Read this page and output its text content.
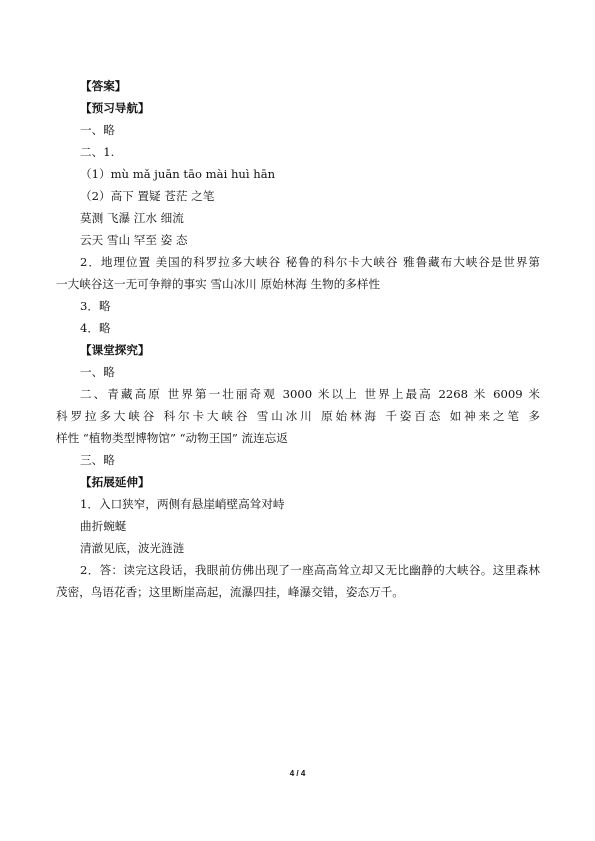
【答案】
【预习导航】
一、略
二、1.
（1）mù mǎ juān tāo mài huì hān
（2）高下 置疑 苍茫 之笔
莫测 飞瀑 江水 细流
云天 雪山 罕至 姿 态
2．地理位置 美国的科罗拉多大峡谷 秘鲁的科尔卡大峡谷 雅鲁藏布大峡谷是世界第
一大峡谷这一无可争辩的事实 雪山冰川 原始林海 生物的多样性
3．略
4．略
【课堂探究】
一、略
二、青藏高原 世界第一壮丽奇观 3000 米以上 世界上最高 2268 米 6009 米
科罗拉多大峡谷 科尔卡大峡谷 雪山冰川 原始林海 千姿百态 如神来之笔 多
样性 “植物类型博物馆” “动物王国” 流连忘返
三、略
【拓展延伸】
1．入口狭窄，两侧有悬崖峭壁高耸对峙
曲折蜿蜒
清澈见底，波光涟涟
2．答：读完这段话，我眼前仿佛出现了一座高高耸立却又无比幽静的大峡谷。这里森林
茂密，鸟语花香；这里断崖高起，流瀑四挂，峰瀑交错，姿态万千。
4 / 4
